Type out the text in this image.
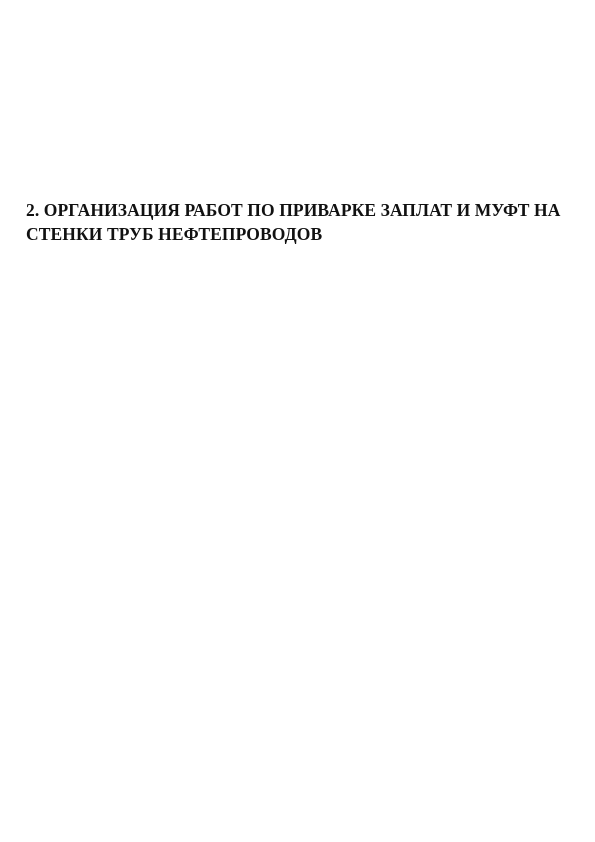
2. ОРГАНИЗАЦИЯ РАБОТ ПО ПРИВАРКЕ ЗАПЛАТ И МУФТ НА СТЕНКИ ТРУБ НЕФТЕПРОВОДОВ
